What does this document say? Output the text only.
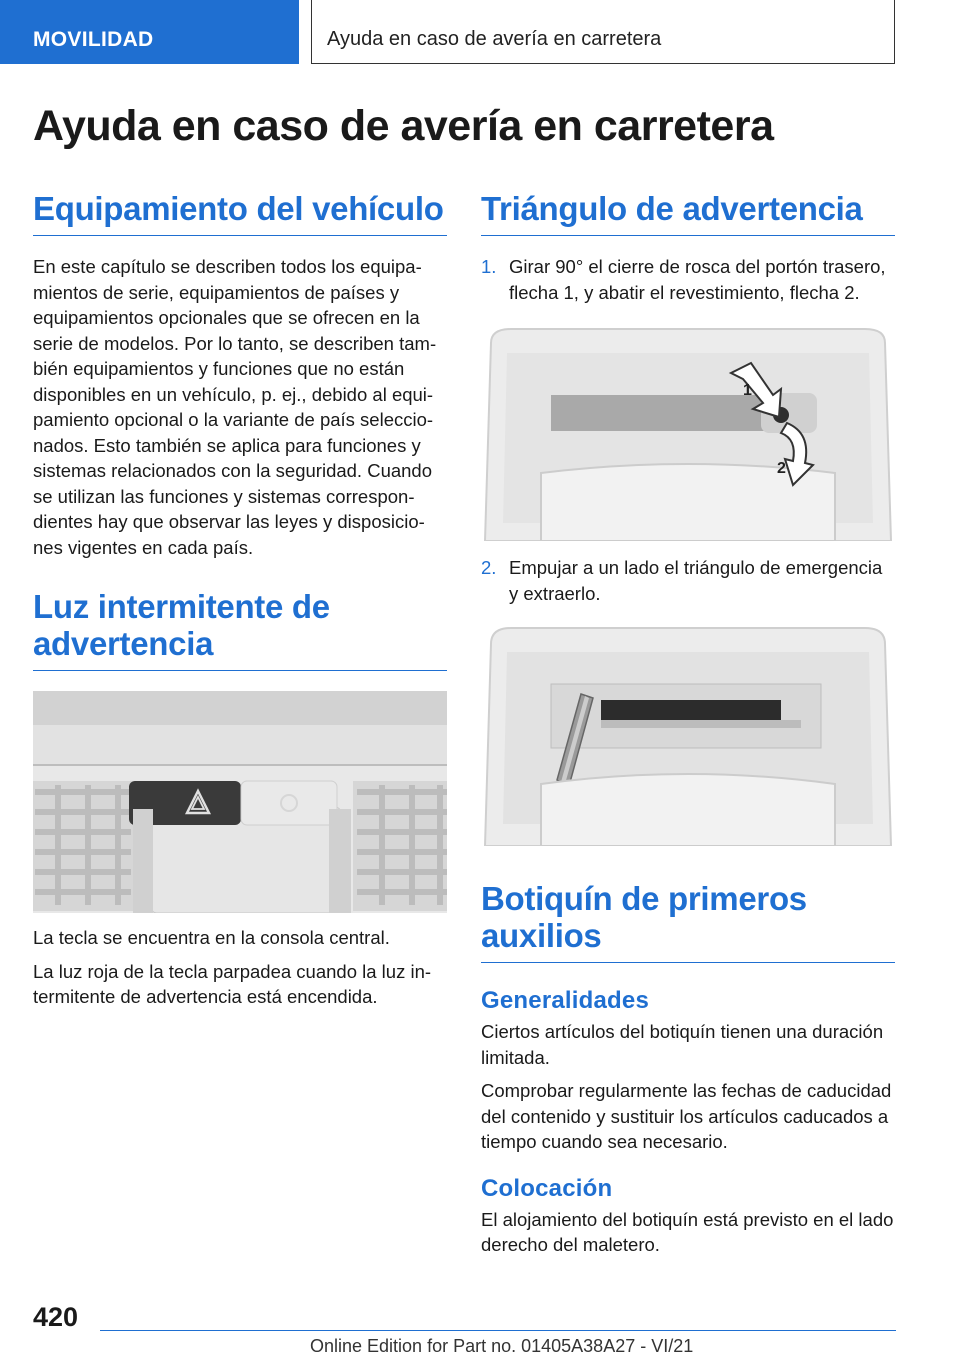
MOVILIDAD	Ayuda en caso de avería en carretera
Ayuda en caso de avería en carretera
Equipamiento del vehículo

En este capítulo se describen todos los equipamientos de serie, equipamientos de países y equipamientos opcionales que se ofrecen en la serie de modelos. Por lo tanto, se describen también equipamientos y funciones que no están disponibles en un vehículo, p. ej., debido al equipamiento opcional o la variante de país seleccionados. Esto también se aplica para funciones y sistemas relacionados con la seguridad. Cuando se utilizan las funciones y sistemas correspondientes hay que observar las leyes y disposiciones vigentes en cada país.

Luz intermitente de advertencia

La tecla se encuentra en la consola central.

La luz roja de la tecla parpadea cuando la luz intermitente de advertencia está encendida.

Triángulo de advertencia
1. Girar 90° el cierre de rosca del portón trasero, flecha 1, y abatir el revestimiento, flecha 2.
1
2
2. Empujar a un lado el triángulo de emergencia y extraerlo.
Botiquín de primeros auxilios
Generalidades

Ciertos artículos del botiquín tienen una duración limitada.

Comprobar regularmente las fechas de caducidad del contenido y sustituir los artículos caducados a tiempo cuando sea necesario.

Colocación

El alojamiento del botiquín está previsto en el lado derecho del maletero.

420
Online Edition for Part no. 01405A38A27 - VI/21
